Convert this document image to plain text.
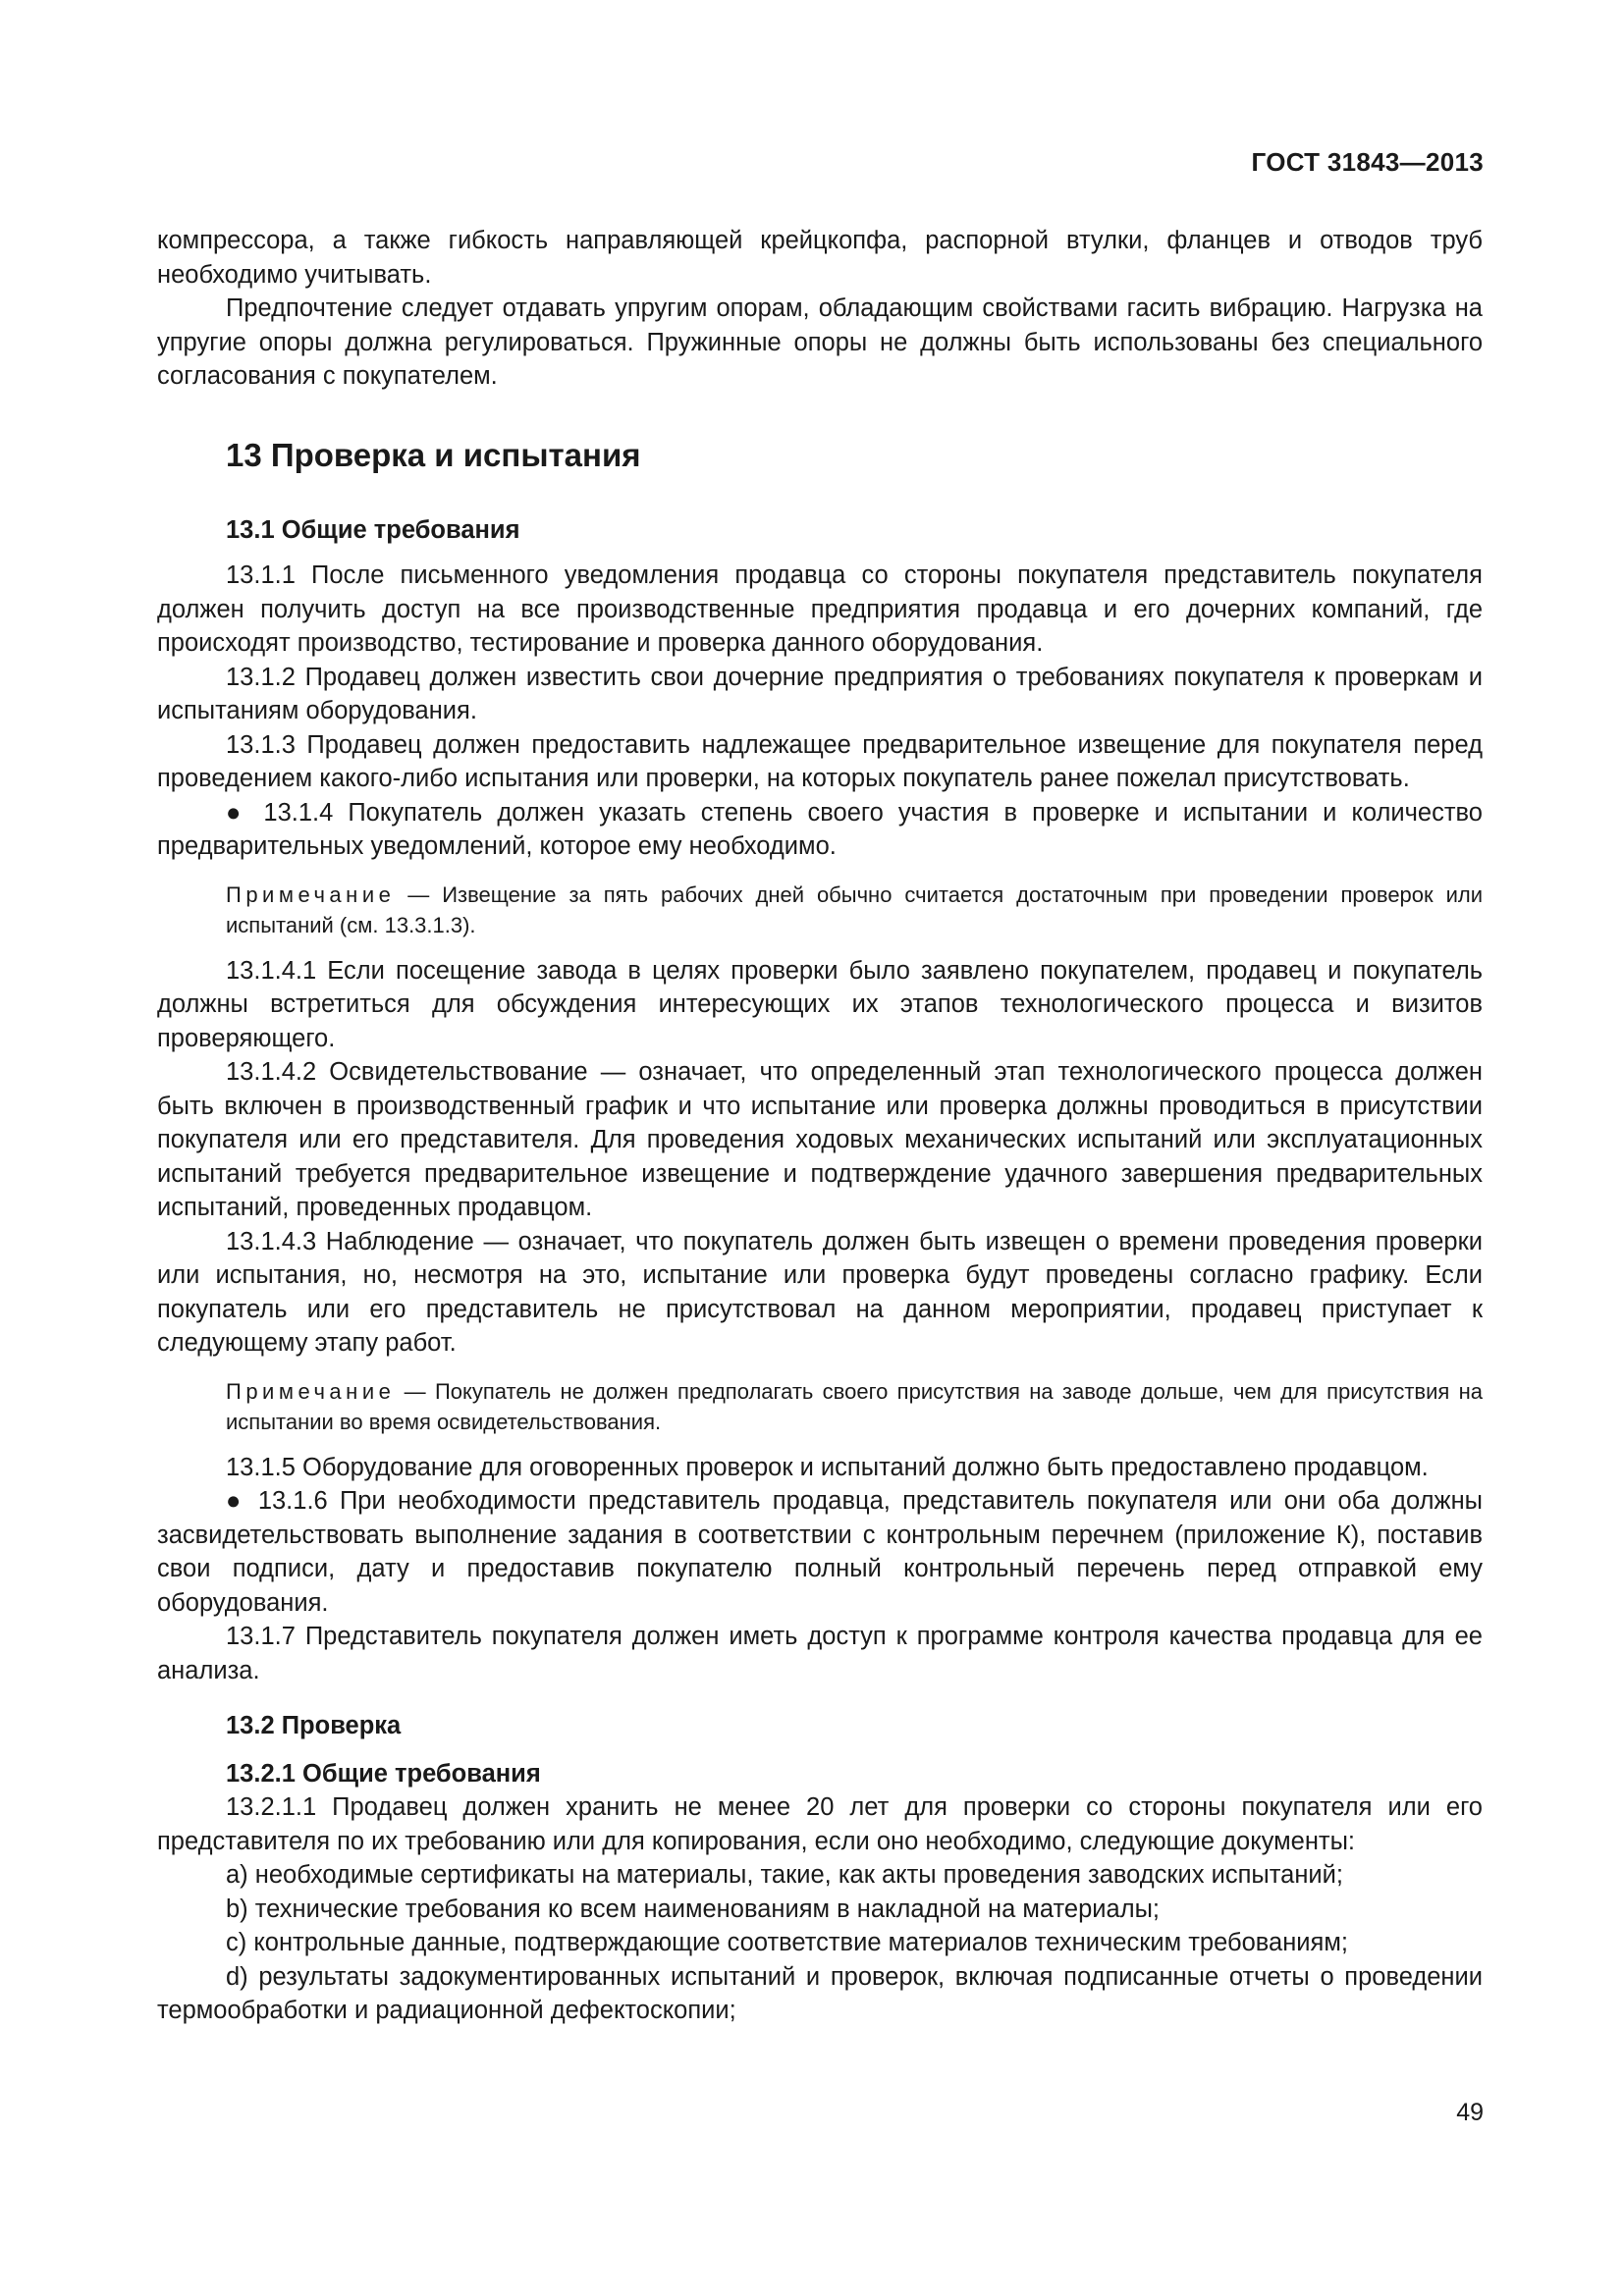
ГОСТ 31843—2013

компрессора, а также гибкость направляющей крейцкопфа, распорной втулки, фланцев и отводов труб необходимо учитывать.

Предпочтение следует отдавать упругим опорам, обладающим свойствами гасить вибрацию. Нагрузка на упругие опоры должна регулироваться. Пружинные опоры не должны быть использованы без специального согласования с покупателем.

13 Проверка и испытания
13.1 Общие требования

13.1.1 После письменного уведомления продавца со стороны покупателя представитель покупателя должен получить доступ на все производственные предприятия продавца и его дочерних компаний, где происходят производство, тестирование и проверка данного оборудования.

13.1.2 Продавец должен известить свои дочерние предприятия о требованиях покупателя к проверкам и испытаниям оборудования.

13.1.3 Продавец должен предоставить надлежащее предварительное извещение для покупателя перед проведением какого-либо испытания или проверки, на которых покупатель ранее пожелал присутствовать.

● 13.1.4 Покупатель должен указать степень своего участия в проверке и испытании и количество предварительных уведомлений, которое ему необходимо.

Примечание — Извещение за пять рабочих дней обычно считается достаточным при проведении проверок или испытаний (см. 13.3.1.3).

13.1.4.1 Если посещение завода в целях проверки было заявлено покупателем, продавец и покупатель должны встретиться для обсуждения интересующих их этапов технологического процесса и визитов проверяющего.

13.1.4.2 Освидетельствование — означает, что определенный этап технологического процесса должен быть включен в производственный график и что испытание или проверка должны проводиться в присутствии покупателя или его представителя. Для проведения ходовых механических испытаний или эксплуатационных испытаний требуется предварительное извещение и подтверждение удачного завершения предварительных испытаний, проведенных продавцом.

13.1.4.3 Наблюдение — означает, что покупатель должен быть извещен о времени проведения проверки или испытания, но, несмотря на это, испытание или проверка будут проведены согласно графику. Если покупатель или его представитель не присутствовал на данном мероприятии, продавец приступает к следующему этапу работ.

Примечание — Покупатель не должен предполагать своего присутствия на заводе дольше, чем для присутствия на испытании во время освидетельствования.

13.1.5 Оборудование для оговоренных проверок и испытаний должно быть предоставлено продавцом.

● 13.1.6 При необходимости представитель продавца, представитель покупателя или они оба должны засвидетельствовать выполнение задания в соответствии с контрольным перечнем (приложение К), поставив свои подписи, дату и предоставив покупателю полный контрольный перечень перед отправкой ему оборудования.

13.1.7 Представитель покупателя должен иметь доступ к программе контроля качества продавца для ее анализа.

13.2 Проверка
13.2.1 Общие требования

13.2.1.1 Продавец должен хранить не менее 20 лет для проверки со стороны покупателя или его представителя по их требованию или для копирования, если оно необходимо, следующие документы:

a) необходимые сертификаты на материалы, такие, как акты проведения заводских испытаний;

b) технические требования ко всем наименованиям в накладной на материалы;

c) контрольные данные, подтверждающие соответствие материалов техническим требованиям;

d) результаты задокументированных испытаний и проверок, включая подписанные отчеты о проведении термообработки и радиационной дефектоскопии;

49
